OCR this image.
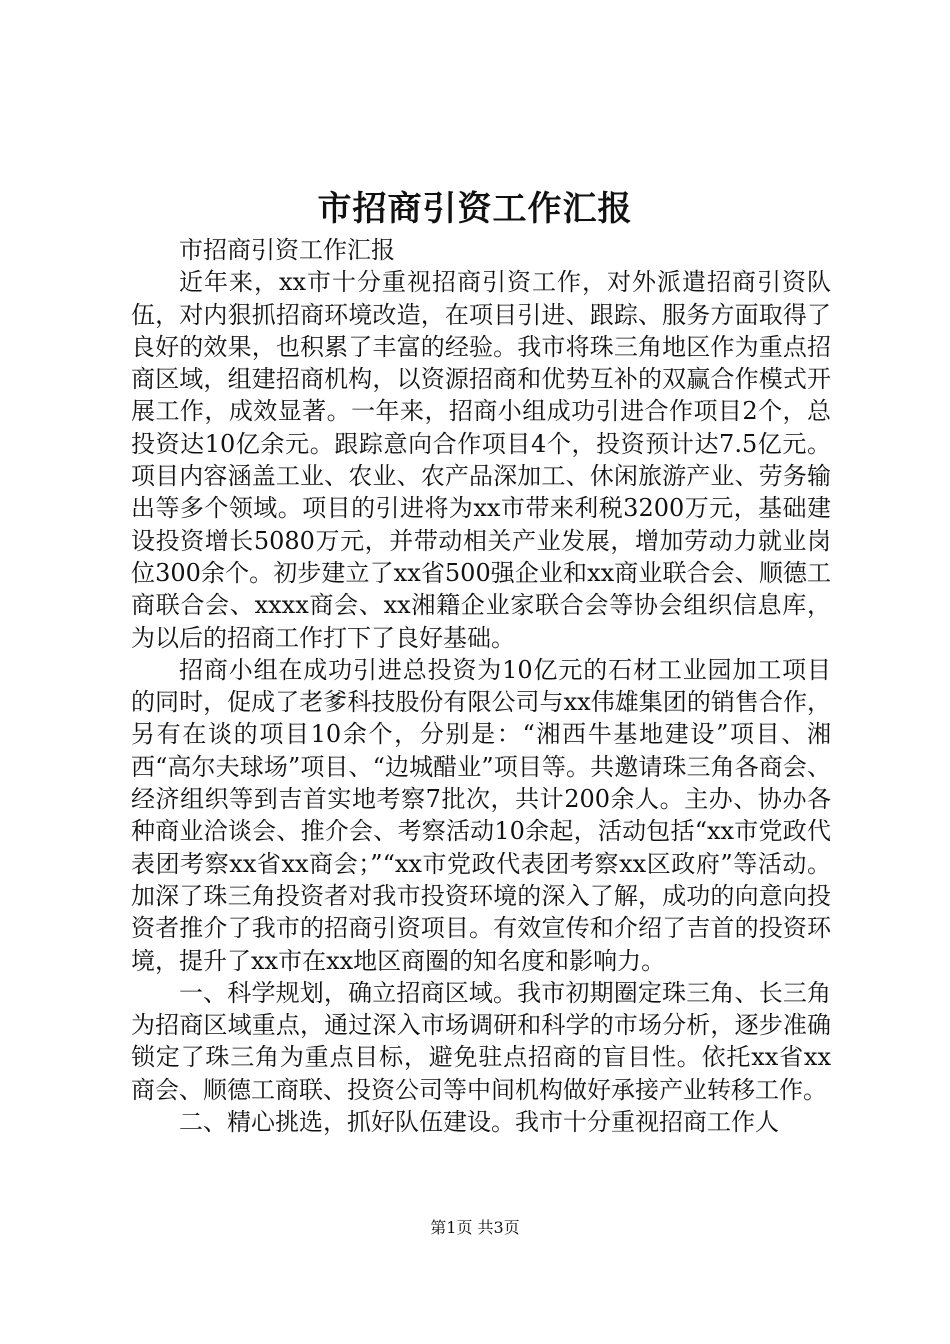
市招商引资工作汇报

市招商引资工作汇报

近年来，xx市十分重视招商引资工作，对外派遣招商引资队伍，对内狠抓招商环境改造，在项目引进、跟踪、服务方面取得了良好的效果，也积累了丰富的经验。我市将珠三角地区作为重点招商区域，组建招商机构，以资源招商和优势互补的双赢合作模式开展工作，成效显著。一年来，招商小组成功引进合作项目2个，总投资达10亿余元。跟踪意向合作项目4个，投资预计达7.5亿元。项目内容涵盖工业、农业、农产品深加工、休闲旅游产业、劳务输出等多个领域。项目的引进将为xx市带来利税3200万元，基础建设投资增长5080万元，并带动相关产业发展，增加劳动力就业岗位300余个。初步建立了xx省500强企业和xx商业联合会、顺德工商联合会、xxxx商会、xx湘籍企业家联合会等协会组织信息库，为以后的招商工作打下了良好基础。

招商小组在成功引进总投资为10亿元的石材工业园加工项目的同时，促成了老爹科技股份有限公司与xx伟雄集团的销售合作，另有在谈的项目10余个，分别是：“湘西牛基地建设”项目、湘西“高尔夫球场”项目、“边城醋业”项目等。共邀请珠三角各商会、经济组织等到吉首实地考察7批次，共计200余人。主办、协办各种商业洽谈会、推介会、考察活动10余起，活动包括“xx市党政代表团考察xx省xx商会；”“xx市党政代表团考察xx区政府”等活动。加深了珠三角投资者对我市投资环境的深入了解，成功的向意向投资者推介了我市的招商引资项目。有效宣传和介绍了吉首的投资环境，提升了xx市在xx地区商圈的知名度和影响力。

一、科学规划，确立招商区域。我市初期圈定珠三角、长三角为招商区域重点，通过深入市场调研和科学的市场分析，逐步准确锁定了珠三角为重点目标，避免驻点招商的盲目性。依托xx省xx商会、顺德工商联、投资公司等中间机构做好承接产业转移工作。

二、精心挑选，抓好队伍建设。我市十分重视招商工作人

第1页 共3页
